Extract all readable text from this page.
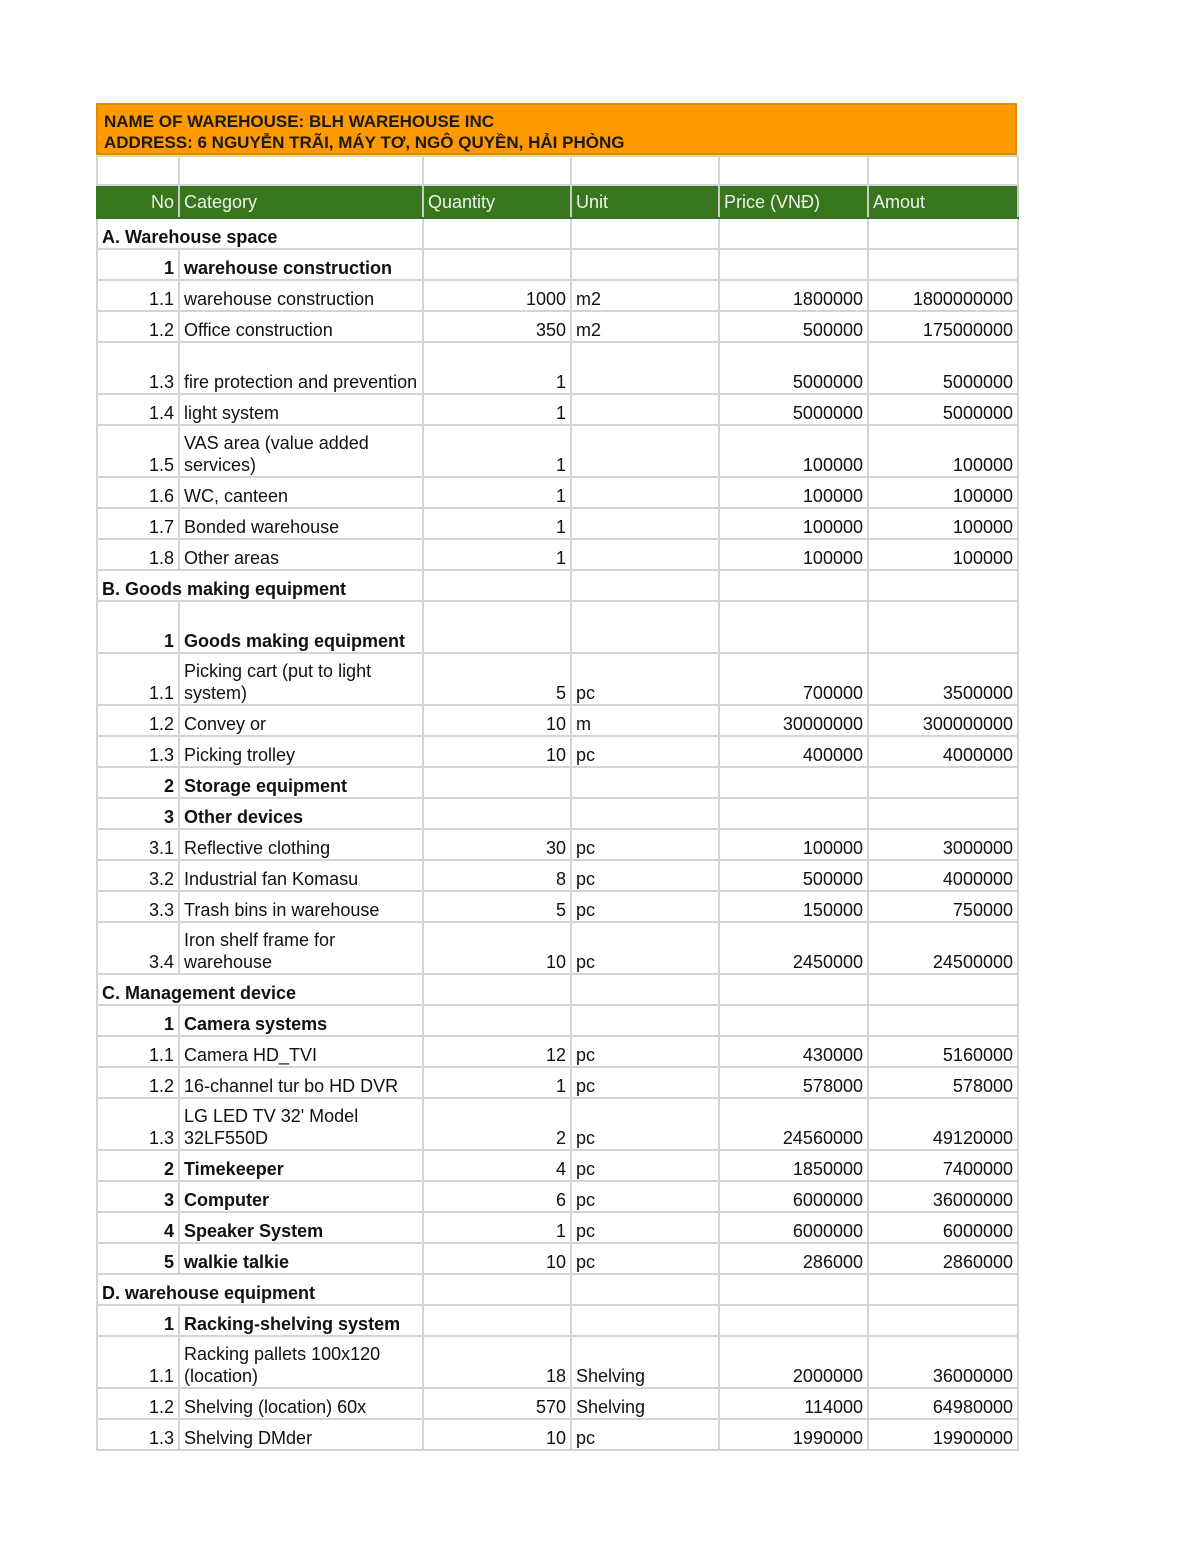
NAME OF WAREHOUSE: BLH WAREHOUSE INC
ADDRESS: 6 NGUYỄN TRÃI, MÁY TƠ, NGÔ QUYỀN, HẢI PHÒNG

No	Category	Quantity	Unit	Price (VNĐ)	Amout
A. Warehouse space					
1	warehouse construction				
1.1	warehouse construction	1000	m2	1800000	1800000000
1.2	Office construction	350	m2	500000	175000000
1.3	fire protection and prevention	1		5000000	5000000
1.4	light system	1		5000000	5000000
1.5	VAS area (value added services)	1		100000	100000
1.6	WC, canteen	1		100000	100000
1.7	Bonded warehouse	1		100000	100000
1.8	Other areas	1		100000	100000
B. Goods making equipment					
1	Goods making equipment				
1.1	Picking cart (put to light system)	5	pc	700000	3500000
1.2	Convey or	10	m	30000000	300000000
1.3	Picking trolley	10	pc	400000	4000000
2	Storage equipment				
3	Other devices				
3.1	Reflective clothing	30	pc	100000	3000000
3.2	Industrial fan Komasu	8	pc	500000	4000000
3.3	Trash bins in warehouse	5	pc	150000	750000
3.4	Iron shelf frame for warehouse	10	pc	2450000	24500000
C. Management device					
1	Camera systems				
1.1	Camera HD_TVI	12	pc	430000	5160000
1.2	16-channel tur bo HD DVR	1	pc	578000	578000
1.3	LG LED TV 32' Model 32LF550D	2	pc	24560000	49120000
2	Timekeeper	4	pc	1850000	7400000
3	Computer	6	pc	6000000	36000000
4	Speaker System	1	pc	6000000	6000000
5	walkie talkie	10	pc	286000	2860000
D. warehouse equipment					
1	Racking-shelving system				
1.1	Racking pallets 100x120 (location)	18	Shelving	2000000	36000000
1.2	Shelving (location) 60x	570	Shelving	114000	64980000
1.3	Shelving DMder	10	pc	1990000	19900000
